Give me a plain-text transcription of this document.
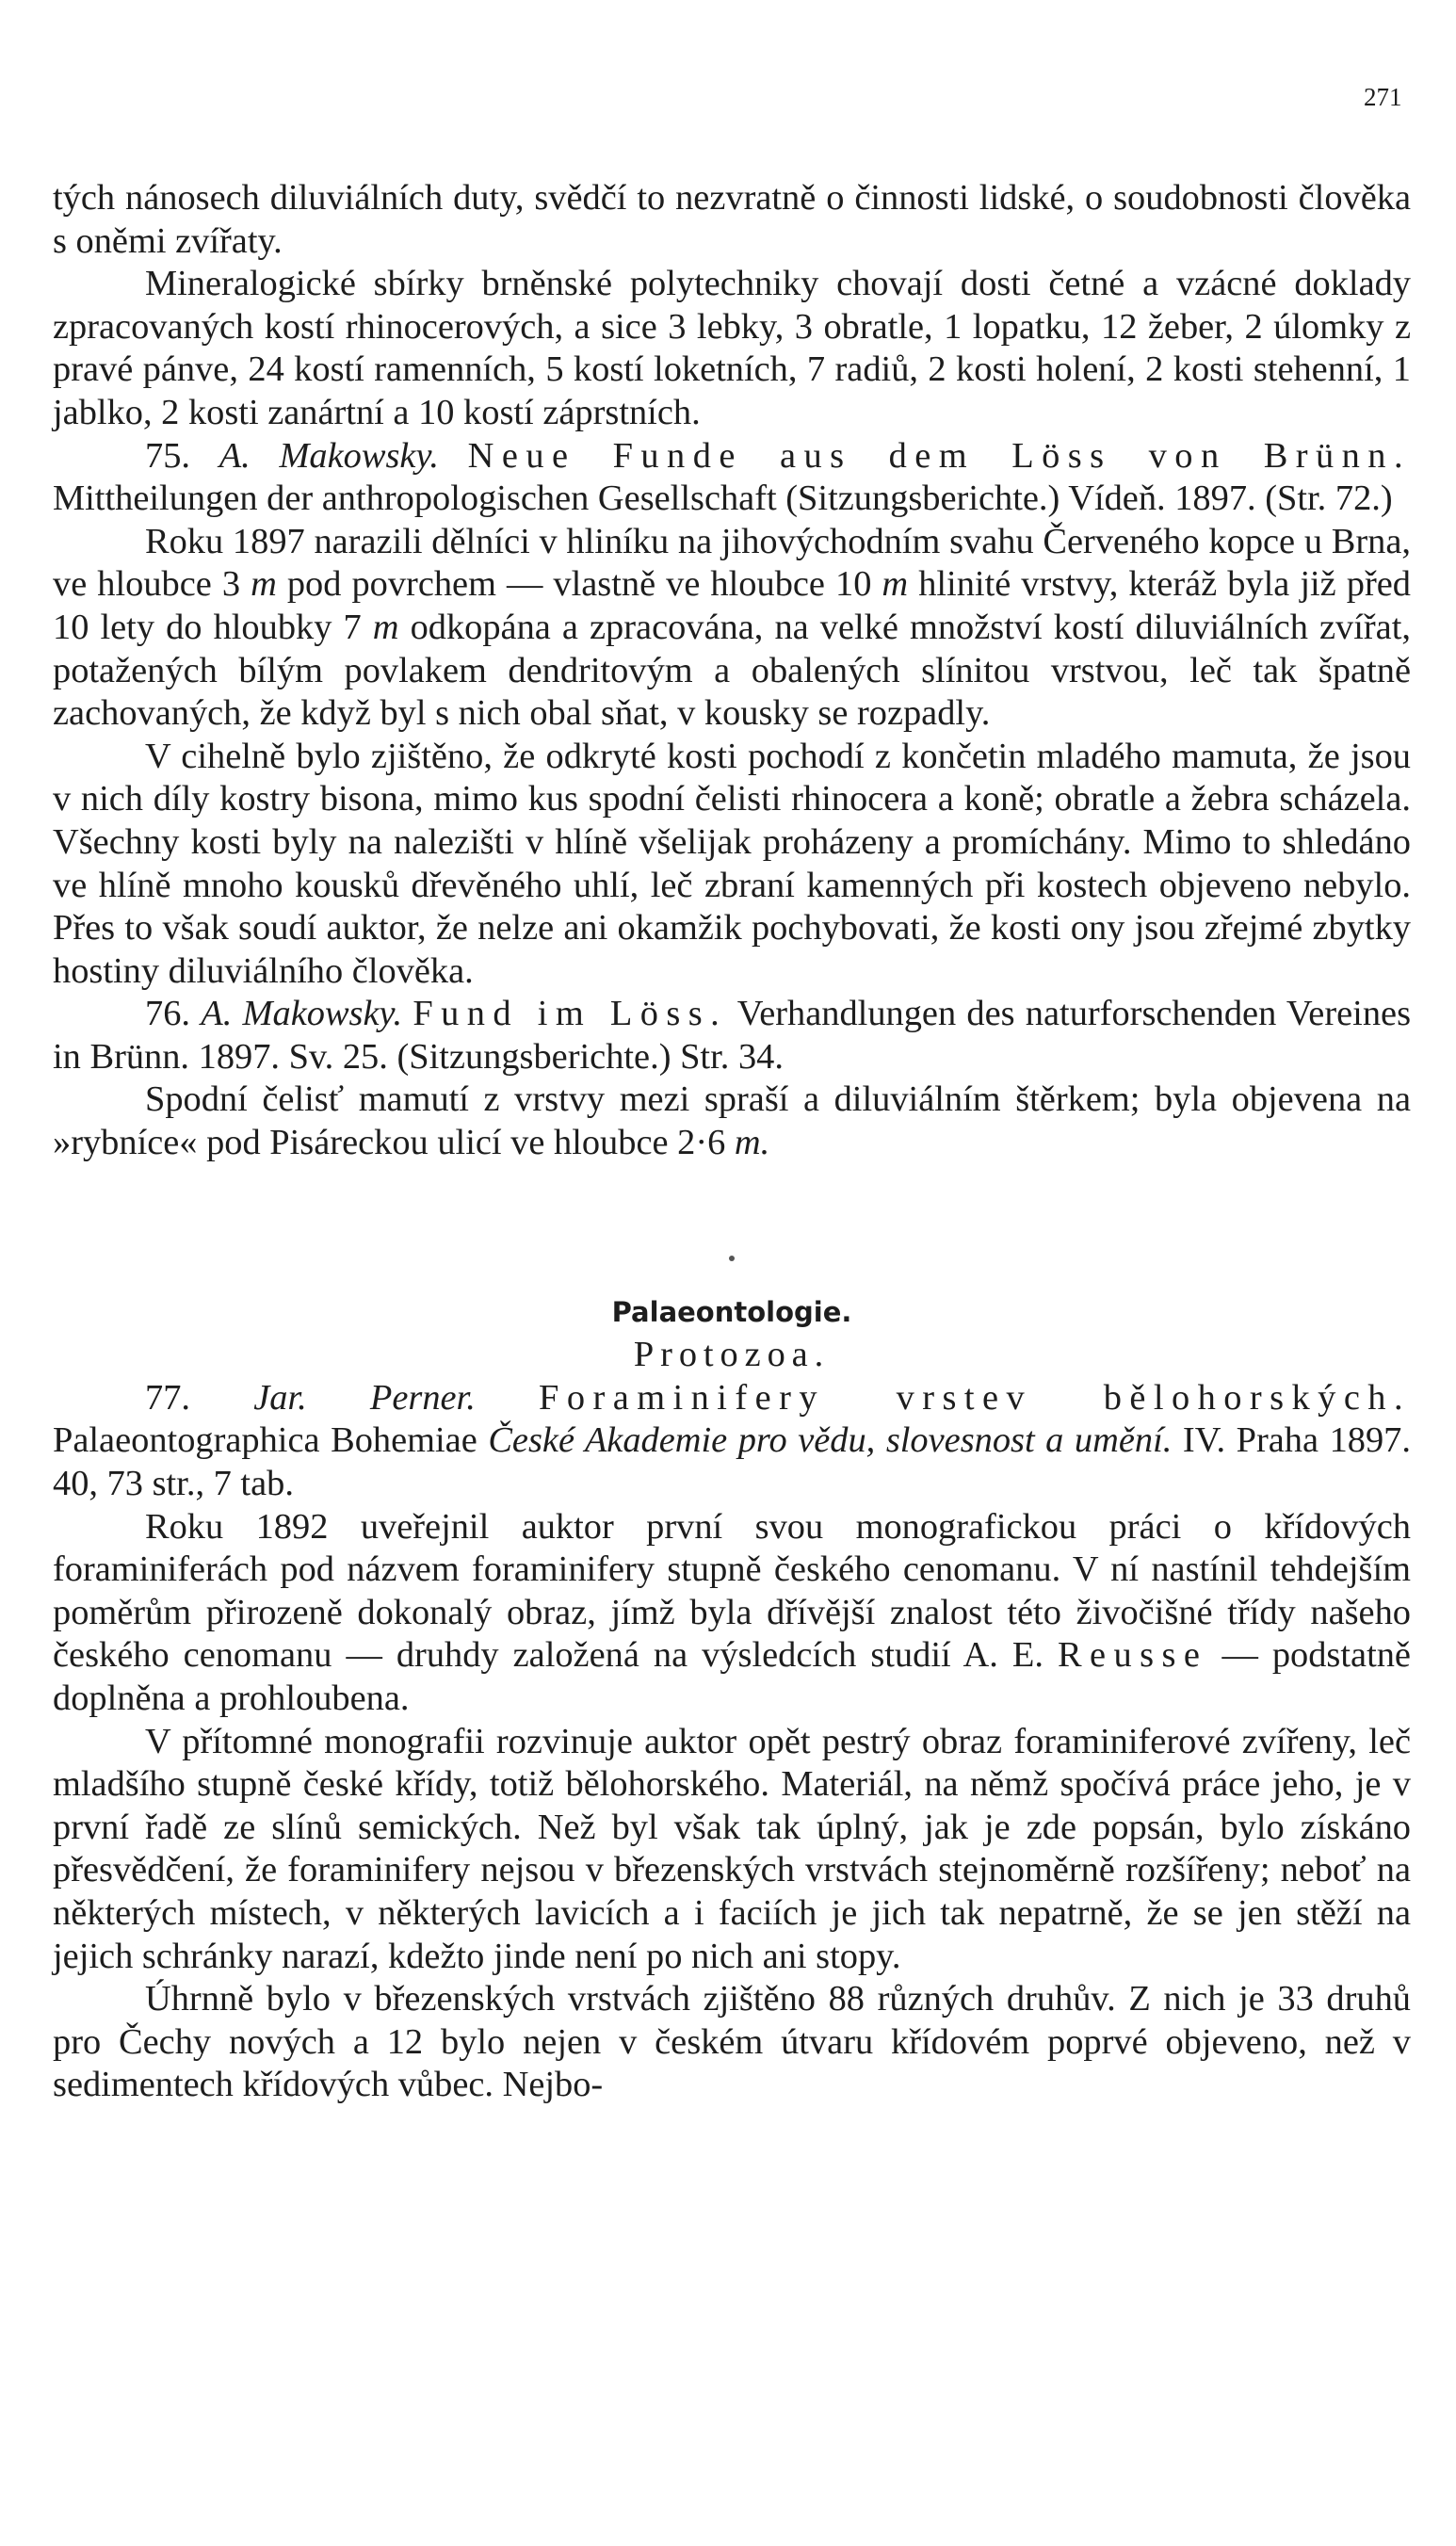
271

tých nánosech diluviálních duty, svědčí to nezvratně o činnosti lidské, o soudobnosti člověka s oněmi zvířaty.

Mineralogické sbírky brněnské polytechniky chovají dosti četné a vzácné doklady zpracovaných kostí rhinocerových, a sice 3 lebky, 3 obratle, 1 lopatku, 12 žeber, 2 úlomky z pravé pánve, 24 kostí ramenních, 5 kostí loketních, 7 radiů, 2 kosti holení, 2 kosti stehenní, 1 jablko, 2 kosti zanártní a 10 kostí záprstních.

75. A. Makowsky. Neue Funde aus dem Löss von Brünn. Mittheilungen der anthropologischen Gesellschaft (Sitzungsberichte.) Vídeň. 1897. (Str. 72.)

Roku 1897 narazili dělníci v hliníku na jihovýchodním svahu Červeného kopce u Brna, ve hloubce 3 m pod povrchem — vlastně ve hloubce 10 m hlinité vrstvy, kteráž byla již před 10 lety do hloubky 7 m odkopána a zpracována, na velké množství kostí diluviálních zvířat, potažených bílým povlakem dendritovým a obalených slínitou vrstvou, leč tak špatně zachovaných, že když byl s nich obal sňat, v kousky se rozpadly.

V cihelně bylo zjištěno, že odkryté kosti pochodí z končetin mladého mamuta, že jsou v nich díly kostry bisona, mimo kus spodní čelisti rhinocera a koně; obratle a žebra scházela. Všechny kosti byly na nalezišti v hlíně všelijak proházeny a promíchány. Mimo to shledáno ve hlíně mnoho kousků dřevěného uhlí, leč zbraní kamenných při kostech objeveno nebylo. Přes to však soudí auktor, že nelze ani okamžik pochybovati, že kosti ony jsou zřejmé zbytky hostiny diluviálního člověka.

76. A. Makowsky. Fund im Löss. Verhandlungen des naturforschenden Vereines in Brünn. 1897. Sv. 25. (Sitzungsberichte.) Str. 34.

Spodní čelisť mamutí z vrstvy mezi spraší a diluviálním štěrkem; byla objevena na »rybníce« pod Pisáreckou ulicí ve hloubce 2·6 m.

Palaeontologie.

Protozoa.

77. Jar. Perner. Foraminifery vrstev bělohorských. Palaeontographica Bohemiae České Akademie pro vědu, slovesnost a umění. IV. Praha 1897. 40, 73 str., 7 tab.

Roku 1892 uveřejnil auktor první svou monografickou práci o křídových foraminiferách pod názvem foraminifery stupně českého cenomanu. V ní nastínil tehdejším poměrům přirozeně dokonalý obraz, jímž byla dřívější znalost této živočišné třídy našeho českého cenomanu — druhdy založená na výsledcích studií A. E. Reusse — podstatně doplněna a prohloubena.

V přítomné monografii rozvinuje auktor opět pestrý obraz foraminiferové zvířeny, leč mladšího stupně české křídy, totiž bělohorského. Materiál, na němž spočívá práce jeho, je v první řadě ze slínů semických. Než byl však tak úplný, jak je zde popsán, bylo získáno přesvědčení, že foraminifery nejsou v březenských vrstvách stejnoměrně rozšířeny; neboť na některých místech, v některých lavicích a i faciích je jich tak nepatrně, že se jen stěží na jejich schránky narazí, kdežto jinde není po nich ani stopy.

Úhrnně bylo v březenských vrstvách zjištěno 88 různých druhův. Z nich je 33 druhů pro Čechy nových a 12 bylo nejen v českém útvaru křídovém poprvé objeveno, než v sedimentech křídových vůbec. Nejbo-
